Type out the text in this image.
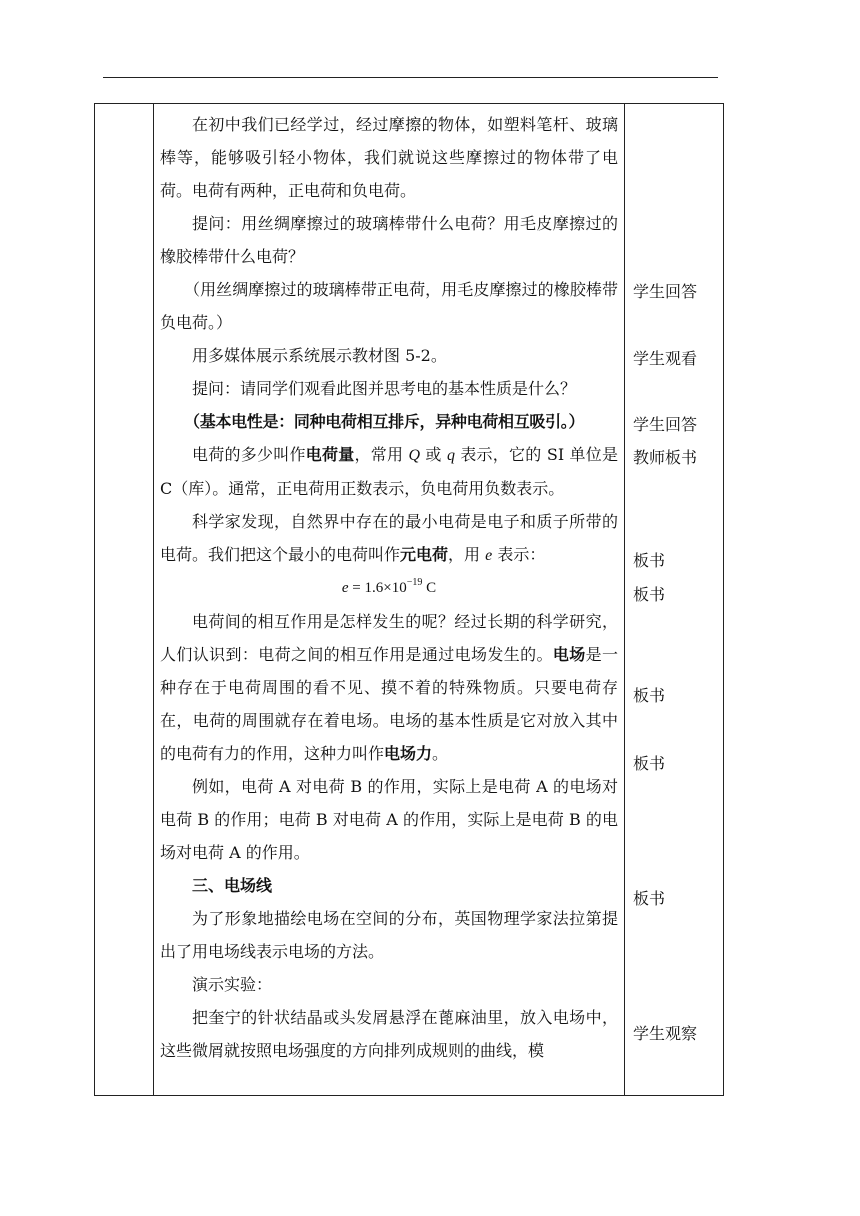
在初中我们已经学过，经过摩擦的物体，如塑料笔杆、玻璃棒等，能够吸引轻小物体，我们就说这些摩擦过的物体带了电荷。电荷有两种，正电荷和负电荷。

提问：用丝绸摩擦过的玻璃棒带什么电荷？用毛皮摩擦过的橡胶棒带什么电荷？

（用丝绸摩擦过的玻璃棒带正电荷，用毛皮摩擦过的橡胶棒带负电荷。）

用多媒体展示系统展示教材图 5-2。

提问：请同学们观看此图并思考电的基本性质是什么？

（基本电性是：同种电荷相互排斥，异种电荷相互吸引。）

电荷的多少叫作电荷量，常用 Q 或 q 表示，它的 SI 单位是 C（库）。通常，正电荷用正数表示，负电荷用负数表示。

科学家发现，自然界中存在的最小电荷是电子和质子所带的电荷。我们把这个最小的电荷叫作元电荷，用 e 表示：

$e = 1.6\times 10^{-19}$ C

电荷间的相互作用是怎样发生的呢？经过长期的科学研究，人们认识到：电荷之间的相互作用是通过电场发生的。电场是一种存在于电荷周围的看不见、摸不着的特殊物质。只要电荷存在，电荷的周围就存在着电场。电场的基本性质是它对放入其中的电荷有力的作用，这种力叫作电场力。

例如，电荷 A 对电荷 B 的作用，实际上是电荷 A 的电场对电荷 B 的作用；电荷 B 对电荷 A 的作用，实际上是电荷 B 的电场对电荷 A 的作用。

三、电场线

为了形象地描绘电场在空间的分布，英国物理学家法拉第提出了用电场线表示电场的方法。

演示实验：

把奎宁的针状结晶或头发屑悬浮在蓖麻油里，放入电场中，这些微屑就按照电场强度的方向排列成规则的曲线，模

学生回答

学生观看

学生回答

教师板书

板书

板书

板书

板书

板书

学生观察
